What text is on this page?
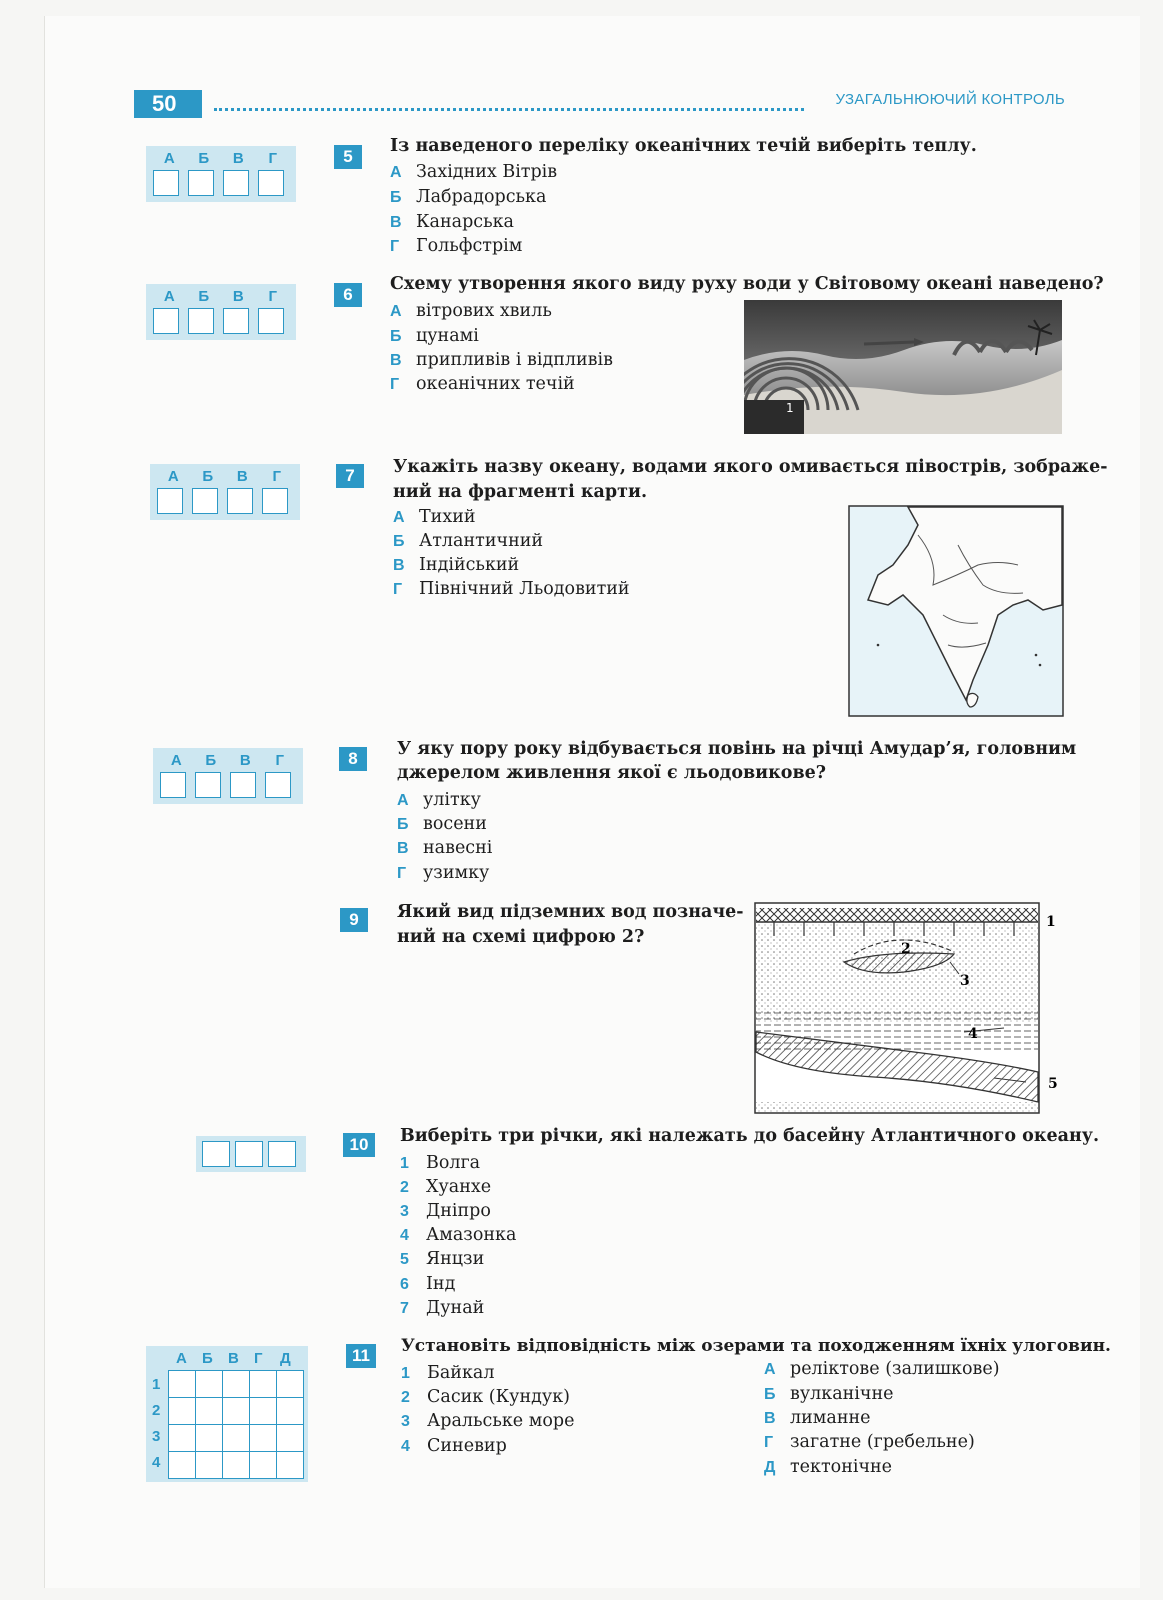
50	УЗАГАЛЬНЮЮЧИЙ КОНТРОЛЬ
А	Б	В	Г
А	Б	В	Г
А	Б	В	Г
А	Б	В	Г
А Б В Г Д
1
2
3
4

5
Із наведеного переліку океанічних течій виберіть теплу.
А Західних Вітрів
Б Лабрадорська
В Канарська
Г Гольфстрім
6
Схему утворення якого виду руху води у Світовому океані наведено?
А вітрових хвиль
Б цунамі
В припливів і відпливів
Г океанічних течій
1
7	Укажіть назву океану, водами якого омивається півострів, зображе-
ний на фрагменті карти.
А Тихий
Б Атлантичний
В Індійський
Г Північний Льодовитий
8	У яку пору року відбувається повінь на річці Амудар’я, головним
джерелом живлення якої є льодовикове?
А улітку
Б восени
В навесні
Г узимку
9	Який вид підземних вод позначе-
ний на схемі цифрою 2?
1
2
3
4
5
10	Виберіть три річки, які належать до басейну Атлантичного океану.
1 Волга
2 Хуанхе
3 Дніпро
4 Амазонка
5 Янцзи
6 Інд
7 Дунай
11	Установіть відповідність між озерами та походженням їхніх улоговин.
1 Байкал
2 Сасик (Кундук)
3 Аральське море
4 Синевир
А реліктове (залишкове)
Б вулканічне
В лиманне
Г загатне (гребельне)
Д тектонічне
